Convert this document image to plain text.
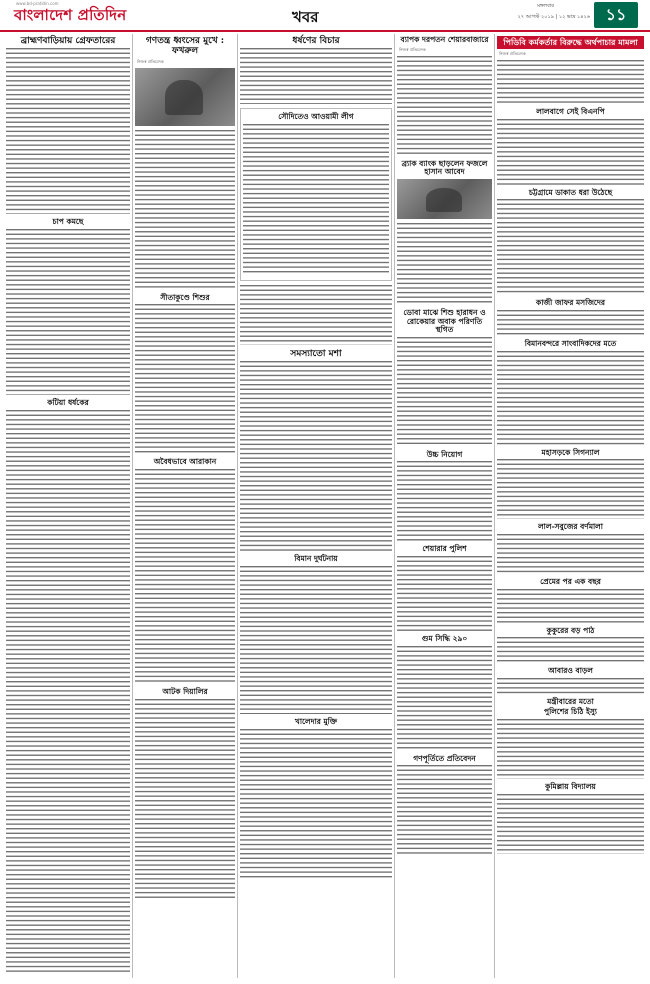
www.bd-pratidin.com
বাংলাদেশ প্রতিদিন	খবর
মঙ্গলবার
২৭ আগস্ট ২০১৯ | ১২ ভাদ্র ১৪২৬ ১১
ব্রাহ্মণবাড়িয়ায় গ্রেফতারের
চাপ কমছে
কটিয়া ধর্ষকের
গণতন্ত্র ধ্বংসের মুখে : ফখরুল
নিজস্ব প্রতিবেদক
সীতাকুণ্ডে শিশুর
অবৈধভাবে আরাকান
আটক দিয়ালির
ধর্ষণের বিচার
সৌদিতেও আওয়ামী লীগ
সমস্যাতো মশা
বিমান দুর্ঘটনায়
খালেদার মুক্তি
ব্যাপক দরপতন শেয়ারবাজারে
নিজস্ব প্রতিবেদক
ব্র্যাক ব্যাংক ছাড়লেন ফজলে হাসান আবেদ
ডোবা মাঝে শিশু হারাধন ও রোকেয়ার অবাক পরিণতি স্থগিত
উচ্চ নিয়োগ
শেয়ারার পুলিশ
গুম সিদ্ধি ২৯০
গণপূর্তিতে প্রতিবেদন
পিডিবি কর্মকর্তার বিরুদ্ধে অর্থপাচার মামলা
নিজস্ব প্রতিবেদক
লালবাগে সেই বিএনপি
চট্টগ্রামে ডাকাত ধরা উঠেছে
কাজী জাফর মসজিদের
বিমানবন্দরে সাংবাদিকদের মতে
মহাসড়কে সিগন্যাল
লাল-সবুজের বর্ণমালা
প্রেমের পর এক বছর
কুকুরের বড় পাঠ
আবারও বাড়ল
মন্ত্রীবারের মতো
পুলিশের চিঠি ইস্যু
কুমিল্লায় বিদ্যালয়
